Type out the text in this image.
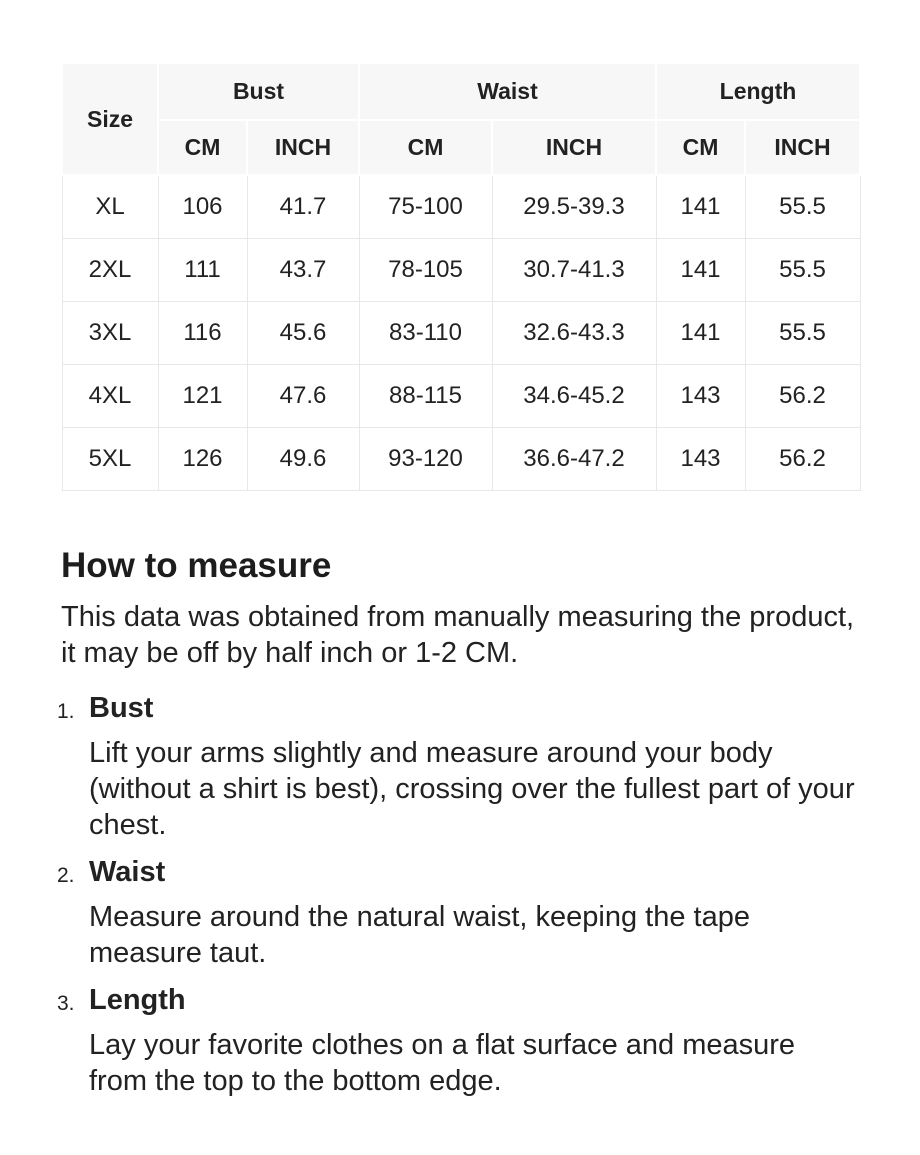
Size	Bust		Waist		Length	
	CM	INCH	CM	INCH	CM	INCH
XL	106	41.7	75-100	29.5-39.3	141	55.5
2XL	111	43.7	78-105	30.7-41.3	141	55.5
3XL	116	45.6	83-110	32.6-43.3	141	55.5
4XL	121	47.6	88-115	34.6-45.2	143	56.2
5XL	126	49.6	93-120	36.6-47.2	143	56.2
How to measure

This data was obtained from manually measuring the product, it may be off by half inch or 1-2 CM.

1. Bust

Lift your arms slightly and measure around your body (without a shirt is best), crossing over the fullest part of your chest.

2. Waist

Measure around the natural waist, keeping the tape measure taut.

3. Length

Lay your favorite clothes on a flat surface and measure from the top to the bottom edge.
